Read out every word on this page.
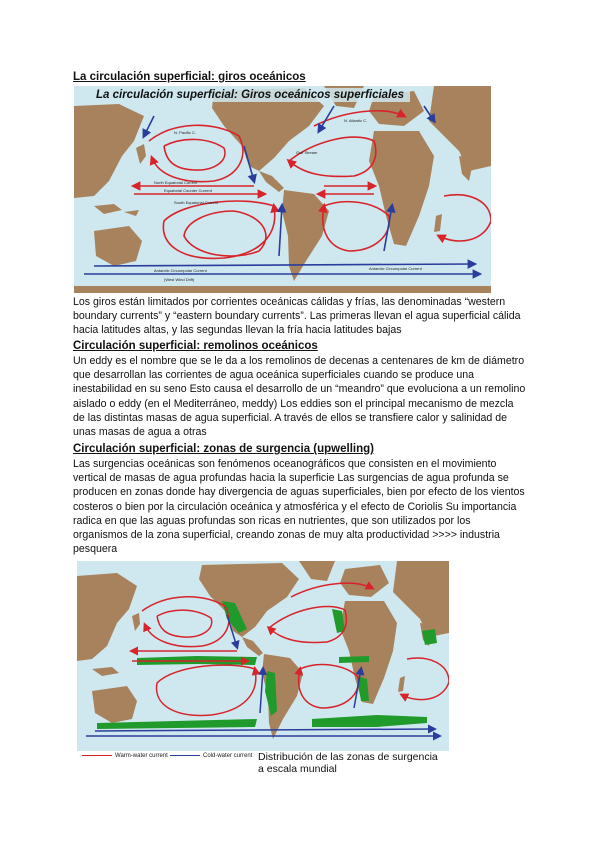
La circulación superficial: giros oceánicos
La circulación superficial: Giros oceánicos superficiales
N. Pacific C.
North Equatorial Current
Equatorial Counter Current
South Equatorial Current
Antarctic Circumpolar Current
(West Wind Drift)
Antarctic Circumpolar Current
N. Atlantic C.
Gulf Stream
Los giros están limitados por corrientes oceánicas cálidas y frías, las denominadas “western boundary currents” y “eastern boundary currents”. Las primeras llevan el agua superficial cálida hacia latitudes altas, y las segundas llevan la fría hacia latitudes bajas
Circulación superficial: remolinos oceánicos
Un eddy es el nombre que se le da a los remolinos de decenas a centenares de km de diámetro que desarrollan las corrientes de agua oceánica superficiales cuando se produce una inestabilidad en su seno Esto causa el desarrollo de un “meandro” que evoluciona a un remolino aislado o eddy (en el Mediterráneo, meddy) Los eddies son el principal mecanismo de mezcla de las distintas masas de agua superficial. A través de ellos se transfiere calor y salinidad de unas masas de agua a otras
Circulación superficial: zonas de surgencia (upwelling)
Las surgencias oceánicas son fenómenos oceanográficos que consisten en el movimiento vertical de masas de agua profundas hacia la superficie Las surgencias de agua profunda se producen en zonas donde hay divergencia de aguas superficiales, bien por efecto de los vientos costeros o bien por la circulación oceánica y atmosférica y el efecto de Coriolis Su importancia radica en que las aguas profundas son ricas en nutrientes, que son utilizados por los organismos de la zona superficial, creando zonas de muy alta productividad >>>> industria pesquera
Warm-water current	Cold-water current Distribución de las zonas de surgencia
a escala mundial
